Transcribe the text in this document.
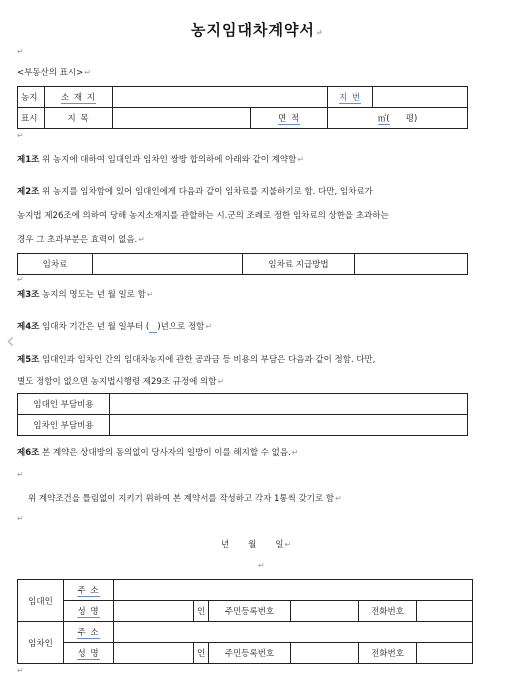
농지임대차계약서↵
↵
<부동산의 표시>↵
농지	소 재 지			지 번	
표시	지 목		면 적	㎡( 평)	
↵
제1조 위 농지에 대하여 임대인과 임차인 쌍방 합의하에 아래와 같이 계약함↵
제2조 위 농지를 임차함에 있어 임대인에게 다음과 같이 임차료를 지불하기로 함. 다만, 임차료가
농지법 제26조에 의하여 당해 농지소재지를 관할하는 시.군의 조례로 정한 임차료의 상한을 초과하는
경우 그 초과부분은 효력이 없음.↵
임차료		임차료 지급방법	
↵
제3조 농지의 명도는 년 월 일로 함↵
제4조 임대차 기간은 년 월 일부터 ( )년으로 정함↵
‹
제5조 임대인과 임차인 간의 임대차농지에 관한 공과금 등 비용의 부담은 다음과 같이 정함. 다만,
별도 정함이 없으면 농지법시행령 제29조 규정에 의함↵
임대인 부담비용	
임차인 부담비용	
제6조 본 계약은 상대방의 동의없이 당사자의 일방이 이를 해지할 수 없음.↵
↵
위 계약조건을 틀림없이 지키기 위하여 본 계약서를 작성하고 각자 1통씩 갖기로 함↵
↵
년 월 일↵
↵
임대인	주 소						
	성 명		인	주민등록번호		전화번호	
임차인	주 소						
	성 명		인	주민등록번호		전화번호	
↵
